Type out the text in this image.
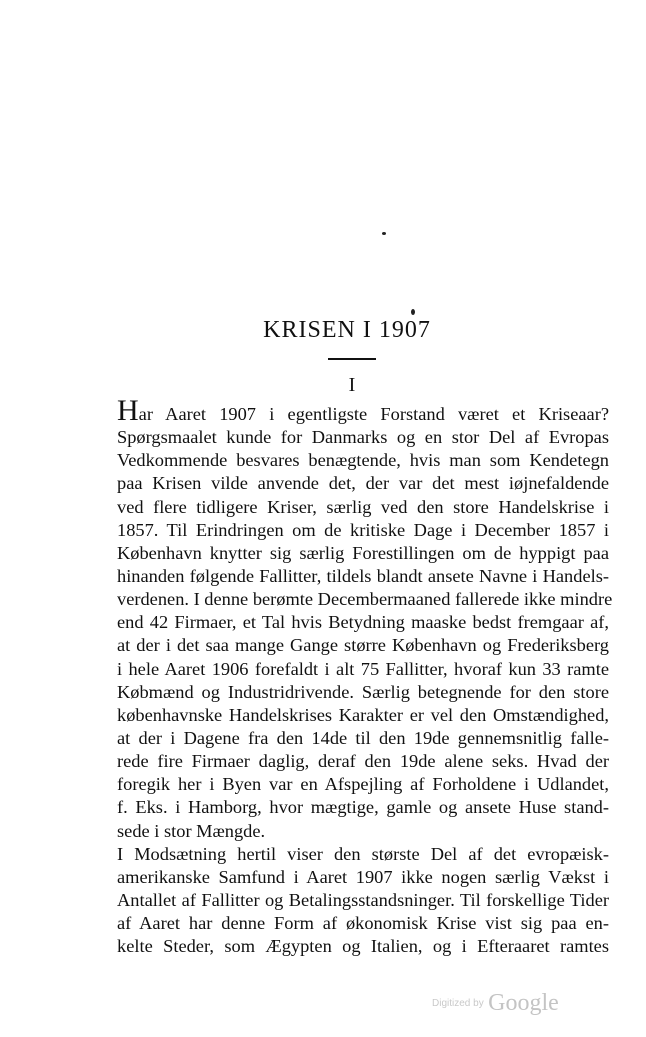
KRISEN I 1907
I
Har Aaret 1907 i egentligste Forstand været et Kriseaar?
Spørgsmaalet kunde for Danmarks og en stor Del af Evropas
Vedkommende besvares benægtende, hvis man som Kendetegn
paa Krisen vilde anvende det, der var det mest iøjnefaldende
ved flere tidligere Kriser, særlig ved den store Handelskrise i
1857. Til Erindringen om de kritiske Dage i December 1857 i
København knytter sig særlig Forestillingen om de hyppigt paa
hinanden følgende Fallitter, tildels blandt ansete Navne i Handels-
verdenen. I denne berømte Decembermaaned fallerede ikke mindre
end 42 Firmaer, et Tal hvis Betydning maaske bedst fremgaar af,
at der i det saa mange Gange større København og Frederiksberg
i hele Aaret 1906 forefaldt i alt 75 Fallitter, hvoraf kun 33 ramte
Købmænd og Industridrivende. Særlig betegnende for den store
københavnske Handelskrises Karakter er vel den Omstændighed,
at der i Dagene fra den 14de til den 19de gennemsnitlig falle-
rede fire Firmaer daglig, deraf den 19de alene seks. Hvad der
foregik her i Byen var en Afspejling af Forholdene i Udlandet,
f. Eks. i Hamborg, hvor mægtige, gamle og ansete Huse stand-
sede i stor Mængde.
I Modsætning hertil viser den største Del af det evropæisk-
amerikanske Samfund i Aaret 1907 ikke nogen særlig Vækst i
Antallet af Fallitter og Betalingsstandsninger. Til forskellige Tider
af Aaret har denne Form af økonomisk Krise vist sig paa en-
kelte Steder, som Ægypten og Italien, og i Efteraaret ramtes
Digitized by Google
